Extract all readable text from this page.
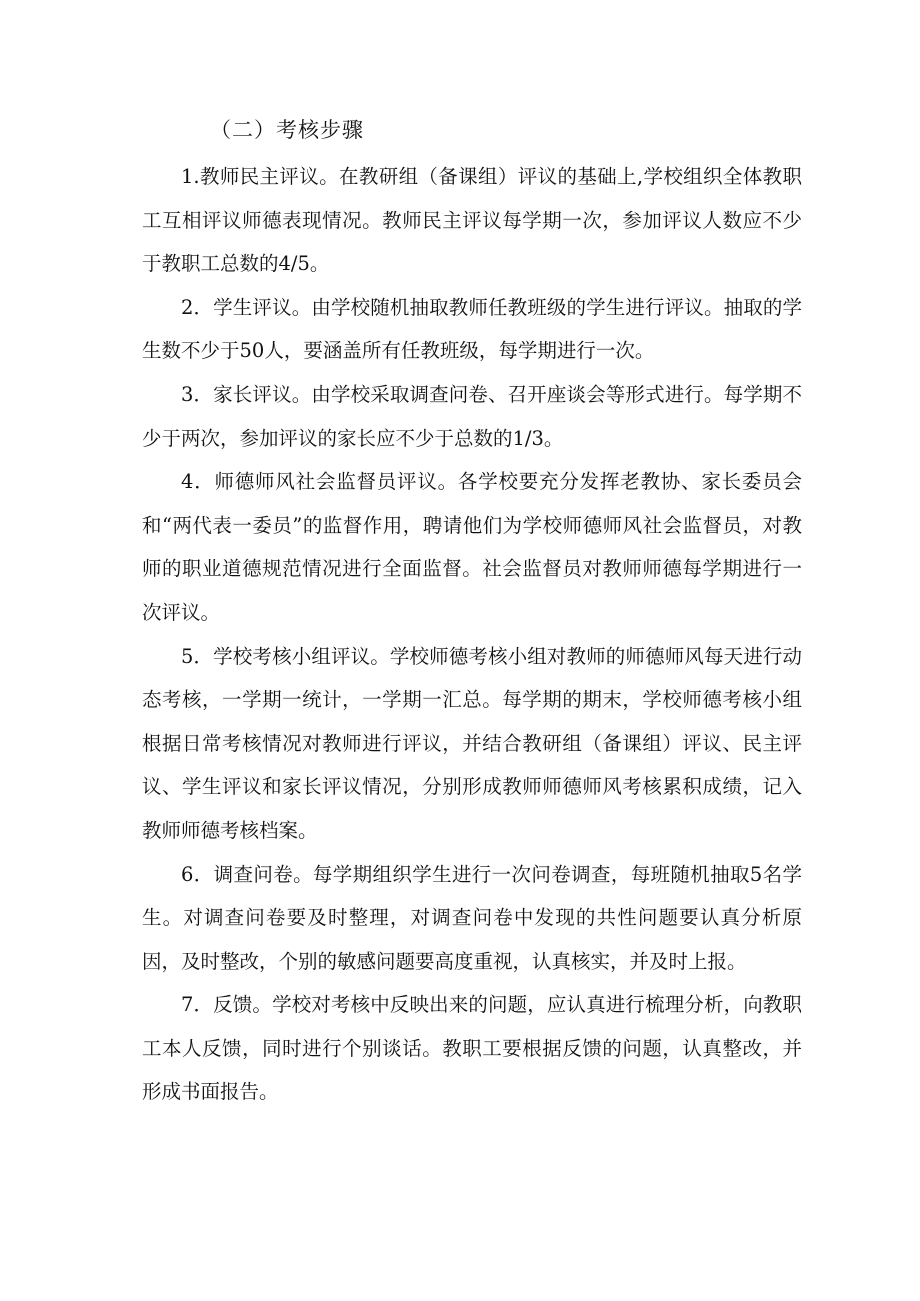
（二）考核步骤

1.教师民主评议。在教研组（备课组）评议的基础上,学校组织全体教职工互相评议师德表现情况。教师民主评议每学期一次，参加评议人数应不少于教职工总数的4/5。

2．学生评议。由学校随机抽取教师任教班级的学生进行评议。抽取的学生数不少于50人，要涵盖所有任教班级，每学期进行一次。

3．家长评议。由学校采取调查问卷、召开座谈会等形式进行。每学期不少于两次，参加评议的家长应不少于总数的1/3。

4．师德师风社会监督员评议。各学校要充分发挥老教协、家长委员会和“两代表一委员”的监督作用，聘请他们为学校师德师风社会监督员，对教师的职业道德规范情况进行全面监督。社会监督员对教师师德每学期进行一次评议。

5．学校考核小组评议。学校师德考核小组对教师的师德师风每天进行动态考核，一学期一统计，一学期一汇总。每学期的期末，学校师德考核小组根据日常考核情况对教师进行评议，并结合教研组（备课组）评议、民主评议、学生评议和家长评议情况，分别形成教师师德师风考核累积成绩，记入教师师德考核档案。

6．调查问卷。每学期组织学生进行一次问卷调查，每班随机抽取5名学生。对调查问卷要及时整理，对调查问卷中发现的共性问题要认真分析原因，及时整改，个别的敏感问题要高度重视，认真核实，并及时上报。

7．反馈。学校对考核中反映出来的问题，应认真进行梳理分析，向教职工本人反馈，同时进行个别谈话。教职工要根据反馈的问题，认真整改，并形成书面报告。
